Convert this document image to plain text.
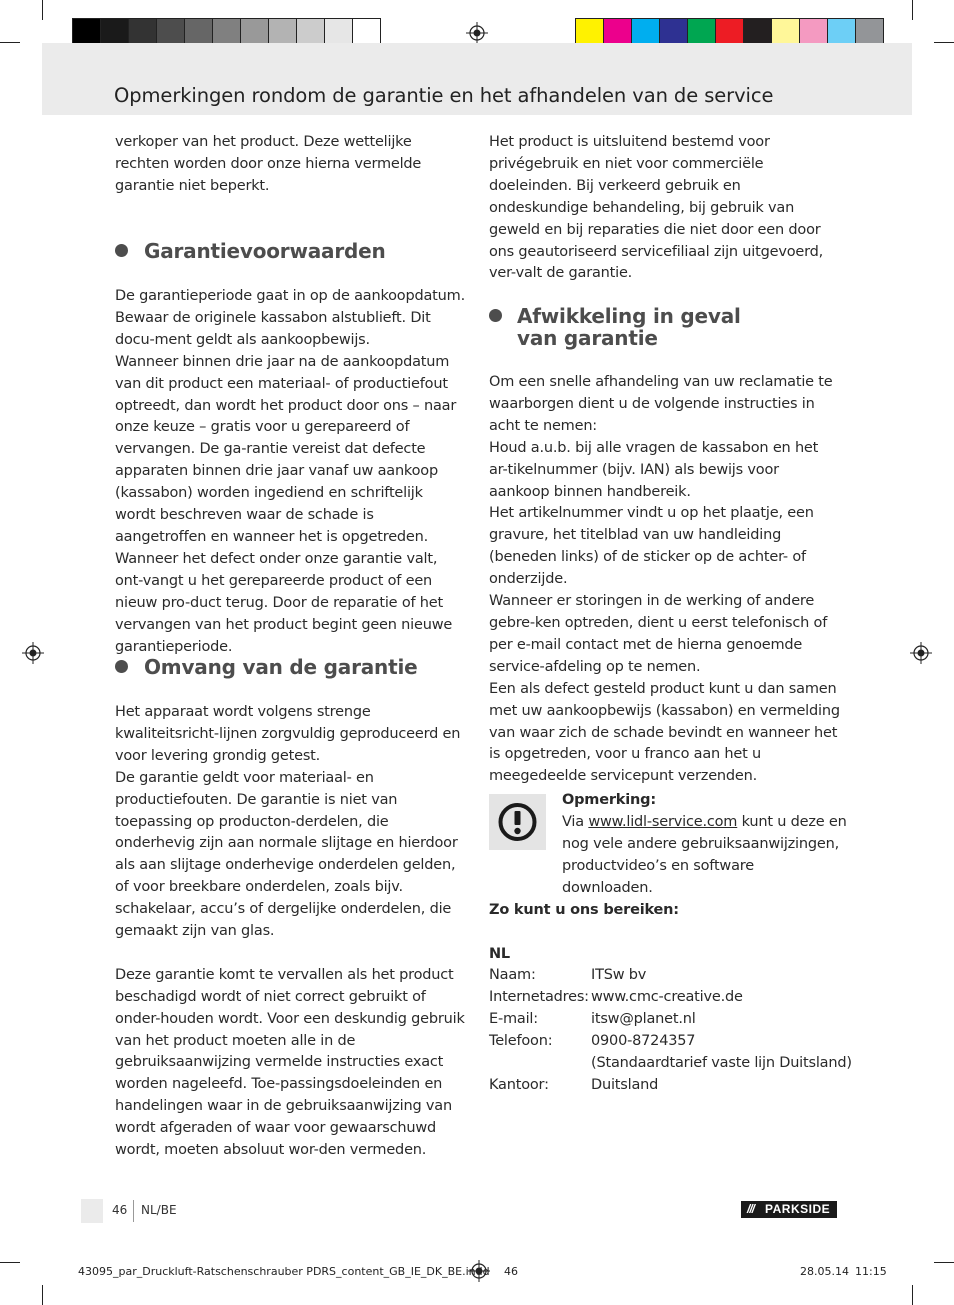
Opmerkingen rondom de garantie en het afhandelen van de service

verkoper van het product. Deze wettelijke rechten worden door onze hierna vermelde garantie niet beperkt.

Garantievoorwaarden

De garantieperiode gaat in op de aankoopdatum. Bewaar de originele kassabon alstublieft. Dit docu-ment geldt als aankoopbewijs.

Wanneer binnen drie jaar na de aankoopdatum van dit product een materiaal- of productiefout optreedt, dan wordt het product door ons – naar onze keuze – gratis voor u gerepareerd of vervangen. De ga-rantie vereist dat defecte apparaten binnen drie jaar vanaf uw aankoop (kassabon) worden ingediend en schriftelijk wordt beschreven waar de schade is aangetroffen en wanneer het is opgetreden.

Wanneer het defect onder onze garantie valt, ont-vangt u het gerepareerde product of een nieuw pro-duct terug. Door de reparatie of het vervangen van het product begint geen nieuwe garantieperiode.

Omvang van de garantie

Het apparaat wordt volgens strenge kwaliteitsricht-lijnen zorgvuldig geproduceerd en voor levering grondig getest.

De garantie geldt voor materiaal- en productiefouten. De garantie is niet van toepassing op producton-derdelen, die onderhevig zijn aan normale slijtage en hierdoor als aan slijtage onderhevige onderdelen gelden, of voor breekbare onderdelen, zoals bijv. schakelaar, accu’s of dergelijke onderdelen, die gemaakt zijn van glas.

Deze garantie komt te vervallen als het product beschadigd wordt of niet correct gebruikt of onder-houden wordt. Voor een deskundig gebruik van het product moeten alle in de gebruiksaanwijzing vermelde instructies exact worden nageleefd. Toe-passingsdoeleinden en handelingen waar in de gebruiksaanwijzing van wordt afgeraden of waar voor gewaarschuwd wordt, moeten absoluut wor-den vermeden.

Het product is uitsluitend bestemd voor privégebruik en niet voor commerciële doeleinden. Bij verkeerd gebruik en ondeskundige behandeling, bij gebruik van geweld en bij reparaties die niet door een door ons geautoriseerd servicefiliaal zijn uitgevoerd, ver-valt de garantie.

Afwikkeling in geval
van garantie

Om een snelle afhandeling van uw reclamatie te waarborgen dient u de volgende instructies in acht te nemen:

Houd a.u.b. bij alle vragen de kassabon en het ar-tikelnummer (bijv. IAN) als bewijs voor aankoop binnen handbereik.

Het artikelnummer vindt u op het plaatje, een gravure, het titelblad van uw handleiding (beneden links) of de sticker op de achter- of onderzijde.

Wanneer er storingen in de werking of andere gebre-ken optreden, dient u eerst telefonisch of per e-mail contact met de hierna genoemde service-afdeling op te nemen.

Een als defect gesteld product kunt u dan samen met uw aankoopbewijs (kassabon) en vermelding van waar zich de schade bevindt en wanneer het is opgetreden, voor u franco aan het u meegedeelde servicepunt verzenden.

Opmerking:
Via www.lidl-service.com kunt u deze en nog vele andere gebruiksaanwijzingen, productvideo’s en software downloaden.
Zo kunt u ons bereiken:
NL
Naam:	ITSw bv
Internetadres: www.cmc-creative.de
E-mail:	itsw@planet.nl
Telefoon:	0900-8724357
(Standaardtarief vaste lijn Duitsland)
Kantoor:	Duitsland
46 NL/BE	/// PARKSIDE
43095_par_Druckluft-Ratschenschrauber PDRS_content_GB_IE_DK_BE.indd 46	28.05.14 11:15
